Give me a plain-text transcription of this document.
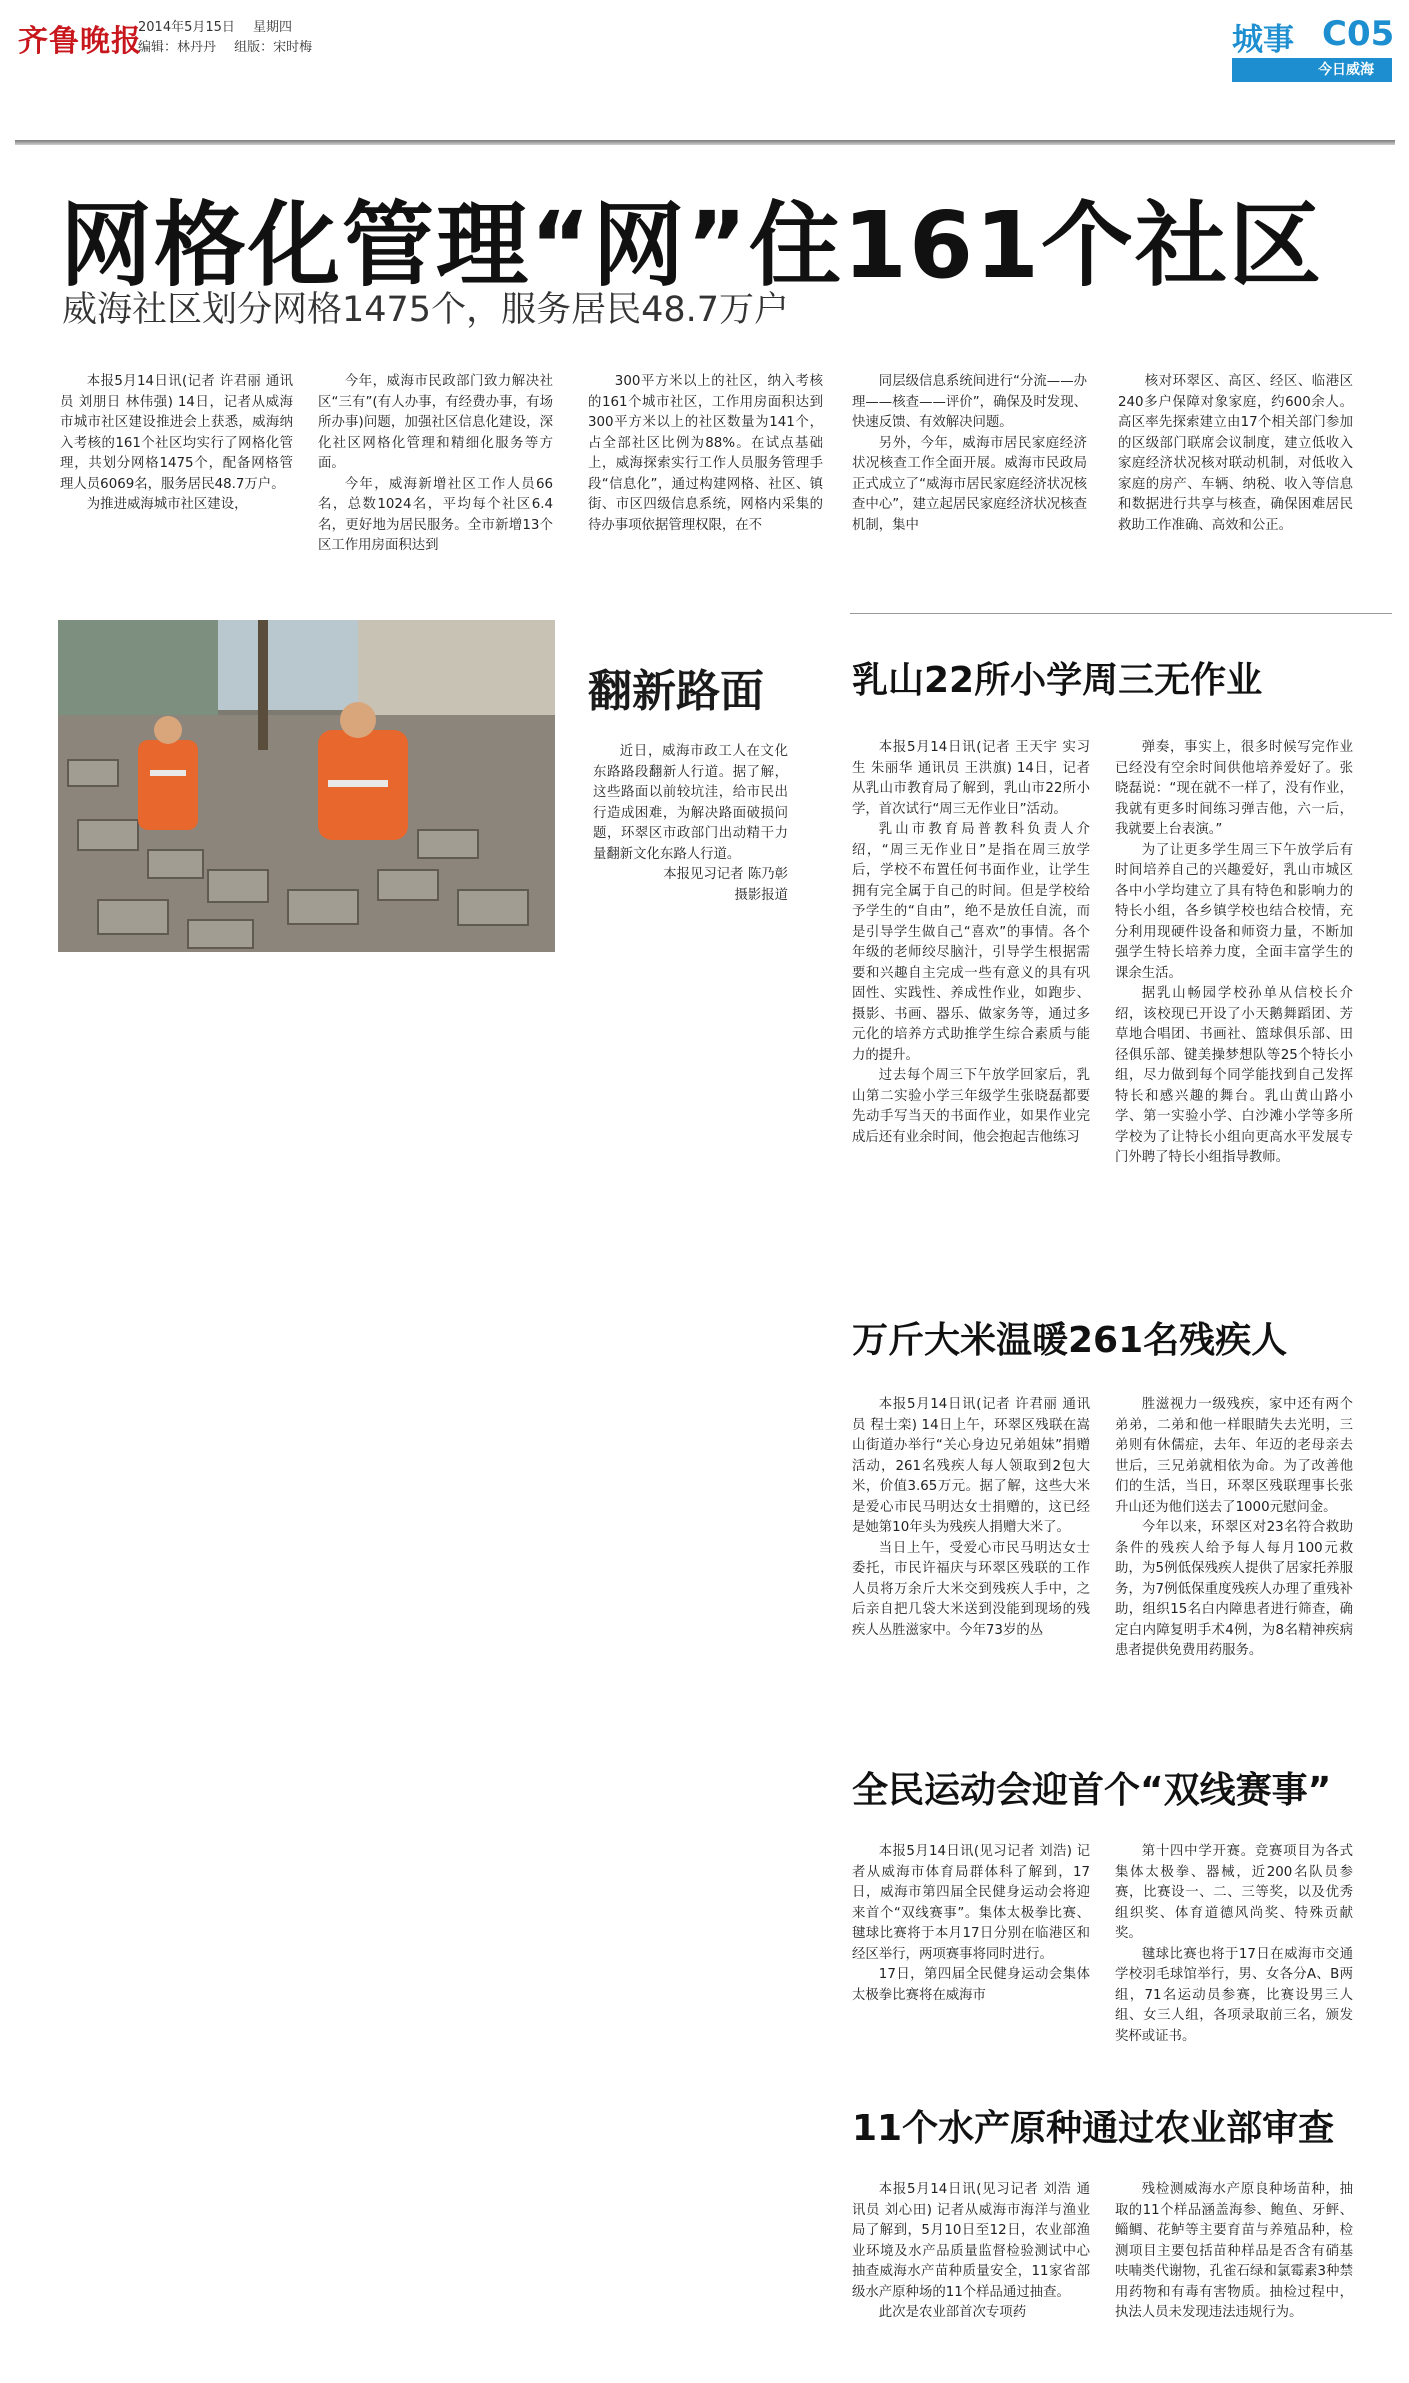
齐鲁晚报
2014年5月15日 星期四
编辑：林丹丹 组版：宋时梅	城事 C05
今日威海
网格化管理“网”住161个社区
威海社区划分网格1475个，服务居民48.7万户

本报5月14日讯(记者 许君丽 通讯员 刘朋日 林伟强) 14日，记者从威海市城市社区建设推进会上获悉，威海纳入考核的161个社区均实行了网格化管理，共划分网格1475个，配备网格管理人员6069名，服务居民48.7万户。

为推进威海城市社区建设，

今年，威海市民政部门致力解决社区“三有”(有人办事，有经费办事，有场所办事)问题，加强社区信息化建设，深化社区网格化管理和精细化服务等方面。

今年，威海新增社区工作人员66名，总数1024名，平均每个社区6.4名，更好地为居民服务。全市新增13个区工作用房面积达到

300平方米以上的社区，纳入考核的161个城市社区，工作用房面积达到300平方米以上的社区数量为141个，占全部社区比例为88%。在试点基础上，威海探索实行工作人员服务管理手段“信息化”，通过构建网格、社区、镇街、市区四级信息系统，网格内采集的待办事项依据管理权限，在不

同层级信息系统间进行“分流——办理——核查——评价”，确保及时发现、快速反馈、有效解决问题。

另外，今年，威海市居民家庭经济状况核查工作全面开展。威海市民政局正式成立了“威海市居民家庭经济状况核查中心”，建立起居民家庭经济状况核查机制，集中

核对环翠区、高区、经区、临港区240多户保障对象家庭，约600余人。高区率先探索建立由17个相关部门参加的区级部门联席会议制度，建立低收入家庭经济状况核对联动机制，对低收入家庭的房产、车辆、纳税、收入等信息和数据进行共享与核查，确保困难居民救助工作准确、高效和公正。

翻新路面

近日，威海市政工人在文化东路路段翻新人行道。据了解，这些路面以前较坑洼，给市民出行造成困难，为解决路面破损问题，环翠区市政部门出动精干力量翻新文化东路人行道。

本报见习记者 陈乃彰
摄影报道
乳山22所小学周三无作业

本报5月14日讯(记者 王天宇 实习生 朱丽华 通讯员 王洪旗) 14日，记者从乳山市教育局了解到，乳山市22所小学，首次试行“周三无作业日”活动。

乳山市教育局普教科负责人介绍，“周三无作业日”是指在周三放学后，学校不布置任何书面作业，让学生拥有完全属于自己的时间。但是学校给予学生的“自由”，绝不是放任自流，而是引导学生做自己“喜欢”的事情。各个年级的老师绞尽脑汁，引导学生根据需要和兴趣自主完成一些有意义的具有巩固性、实践性、养成性作业，如跑步、摄影、书画、器乐、做家务等，通过多元化的培养方式助推学生综合素质与能力的提升。

过去每个周三下午放学回家后，乳山第二实验小学三年级学生张晓磊都要先动手写当天的书面作业，如果作业完成后还有业余时间，他会抱起吉他练习

弹奏，事实上，很多时候写完作业已经没有空余时间供他培养爱好了。张晓磊说：“现在就不一样了，没有作业，我就有更多时间练习弹吉他，六一后，我就要上台表演。”

为了让更多学生周三下午放学后有时间培养自己的兴趣爱好，乳山市城区各中小学均建立了具有特色和影响力的特长小组，各乡镇学校也结合校情，充分利用现硬件设备和师资力量，不断加强学生特长培养力度，全面丰富学生的课余生活。

据乳山畅园学校孙单从信校长介绍，该校现已开设了小天鹅舞蹈团、芳草地合唱团、书画社、篮球俱乐部、田径俱乐部、键美操梦想队等25个特长小组，尽力做到每个同学能找到自己发挥特长和感兴趣的舞台。乳山黄山路小学、第一实验小学、白沙滩小学等多所学校为了让特长小组向更高水平发展专门外聘了特长小组指导教师。

万斤大米温暖261名残疾人

本报5月14日讯(记者 许君丽 通讯员 程士栾) 14日上午，环翠区残联在嵩山街道办举行“关心身边兄弟姐妹”捐赠活动，261名残疾人每人领取到2包大米，价值3.65万元。据了解，这些大米是爱心市民马明达女士捐赠的，这已经是她第10年头为残疾人捐赠大米了。

当日上午，受爱心市民马明达女士委托，市民许福庆与环翠区残联的工作人员将万余斤大米交到残疾人手中，之后亲自把几袋大米送到没能到现场的残疾人丛胜滋家中。今年73岁的丛

胜滋视力一级残疾，家中还有两个弟弟，二弟和他一样眼睛失去光明，三弟则有休儒症，去年、年迈的老母亲去世后，三兄弟就相依为命。为了改善他们的生活，当日，环翠区残联理事长张升山还为他们送去了1000元慰问金。

今年以来，环翠区对23名符合救助条件的残疾人给予每人每月100元救助，为5例低保残疾人提供了居家托养服务，为7例低保重度残疾人办理了重残补助，组织15名白内障患者进行筛查，确定白内障复明手术4例，为8名精神疾病患者提供免费用药服务。

全民运动会迎首个“双线赛事”

本报5月14日讯(见习记者 刘浩) 记者从威海市体育局群体科了解到，17日，威海市第四届全民健身运动会将迎来首个“双线赛事”。集体太极拳比赛、毽球比赛将于本月17日分别在临港区和经区举行，两项赛事将同时进行。

17日，第四届全民健身运动会集体太极拳比赛将在威海市

第十四中学开赛。竞赛项目为各式集体太极拳、器械，近200名队员参赛，比赛设一、二、三等奖，以及优秀组织奖、体育道德风尚奖、特殊贡献奖。

毽球比赛也将于17日在威海市交通学校羽毛球馆举行，男、女各分A、B两组，71名运动员参赛，比赛设男三人组、女三人组，各项录取前三名，颁发奖杯或证书。

11个水产原种通过农业部审查

本报5月14日讯(见习记者 刘浩 通讯员 刘心田) 记者从威海市海洋与渔业局了解到，5月10日至12日，农业部渔业环境及水产品质量监督检验测试中心抽查威海水产苗种质量安全，11家省部级水产原种场的11个样品通过抽查。

此次是农业部首次专项药

残检测威海水产原良种场苗种，抽取的11个样品涵盖海参、鲍鱼、牙鲆、鲻鲷、花鲈等主要育苗与养殖品种，检测项目主要包括苗种样品是否含有硝基呋喃类代谢物，孔雀石绿和氯霉素3种禁用药物和有毒有害物质。抽检过程中，执法人员未发现违法违规行为。
